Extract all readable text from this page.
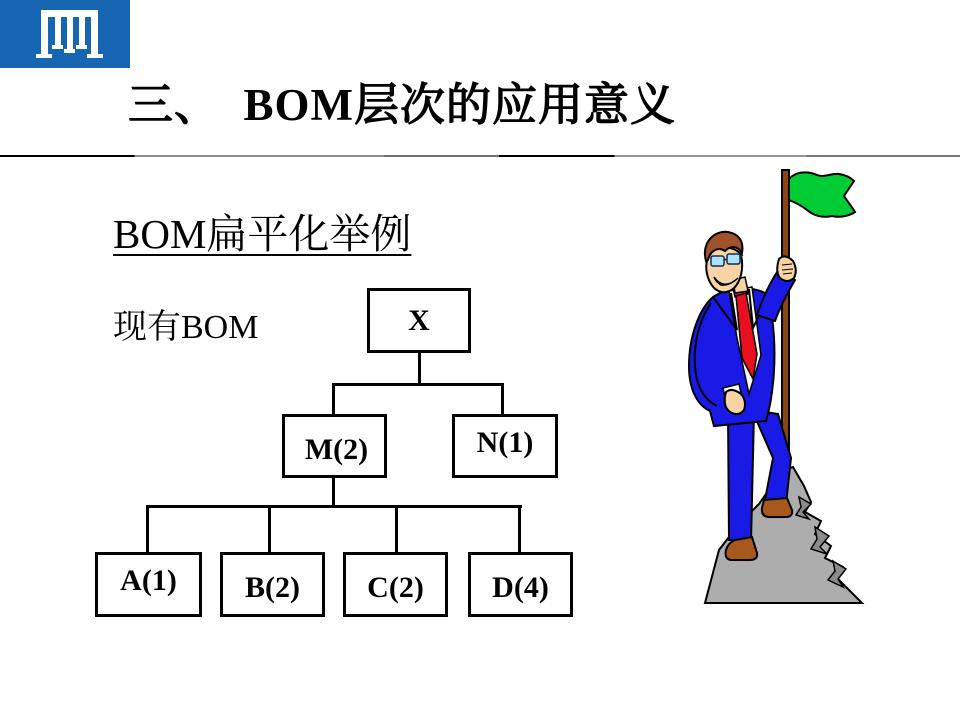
三、　BOM层次的应用意义
BOM扁平化举例
现有BOM	X
M(2)	N(1)
A(1) B(2) C(2) D(4)
